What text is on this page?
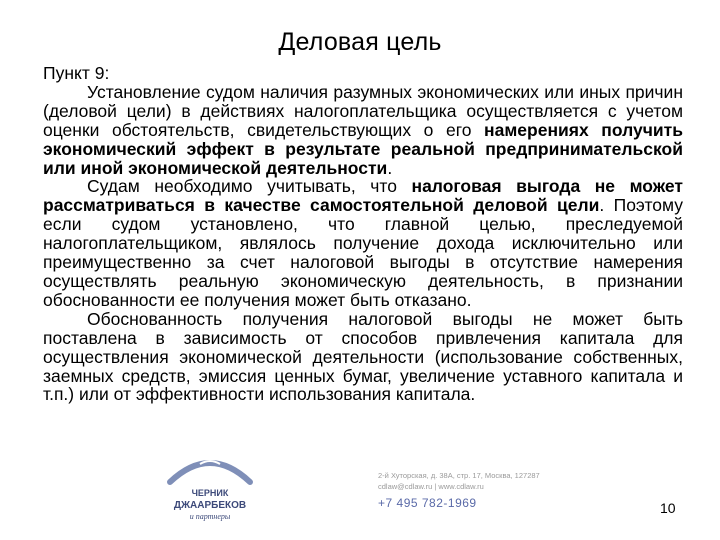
Деловая цель

Пункт 9:

Установление судом наличия разумных экономических или иных причин (деловой цели) в действиях налогоплательщика осуществляется с учетом оценки обстоятельств, свидетельствующих о его намерениях получить экономический эффект в результате реальной предпринимательской или иной экономической деятельности.

Судам необходимо учитывать, что налоговая выгода не может рассматриваться в качестве самостоятельной деловой цели. Поэтому если судом установлено, что главной целью, преследуемой налогоплательщиком, являлось получение дохода исключительно или преимущественно за счет налоговой выгоды в отсутствие намерения осуществлять реальную экономическую деятельность, в признании обоснованности ее получения может быть отказано.

Обоснованность получения налоговой выгоды не может быть поставлена в зависимость от способов привлечения капитала для осуществления экономической деятельности (использование собственных, заемных средств, эмиссия ценных бумаг, увеличение уставного капитала и т.п.) или от эффективности использования капитала.

ЧЕРНИК
ДЖААРБЕКОВ
и партнеры
2-й Хуторская, д. 38А, стр. 17, Москва, 127287
cdlaw@cdlaw.ru | www.cdlaw.ru
+7 495 782-1969	10
